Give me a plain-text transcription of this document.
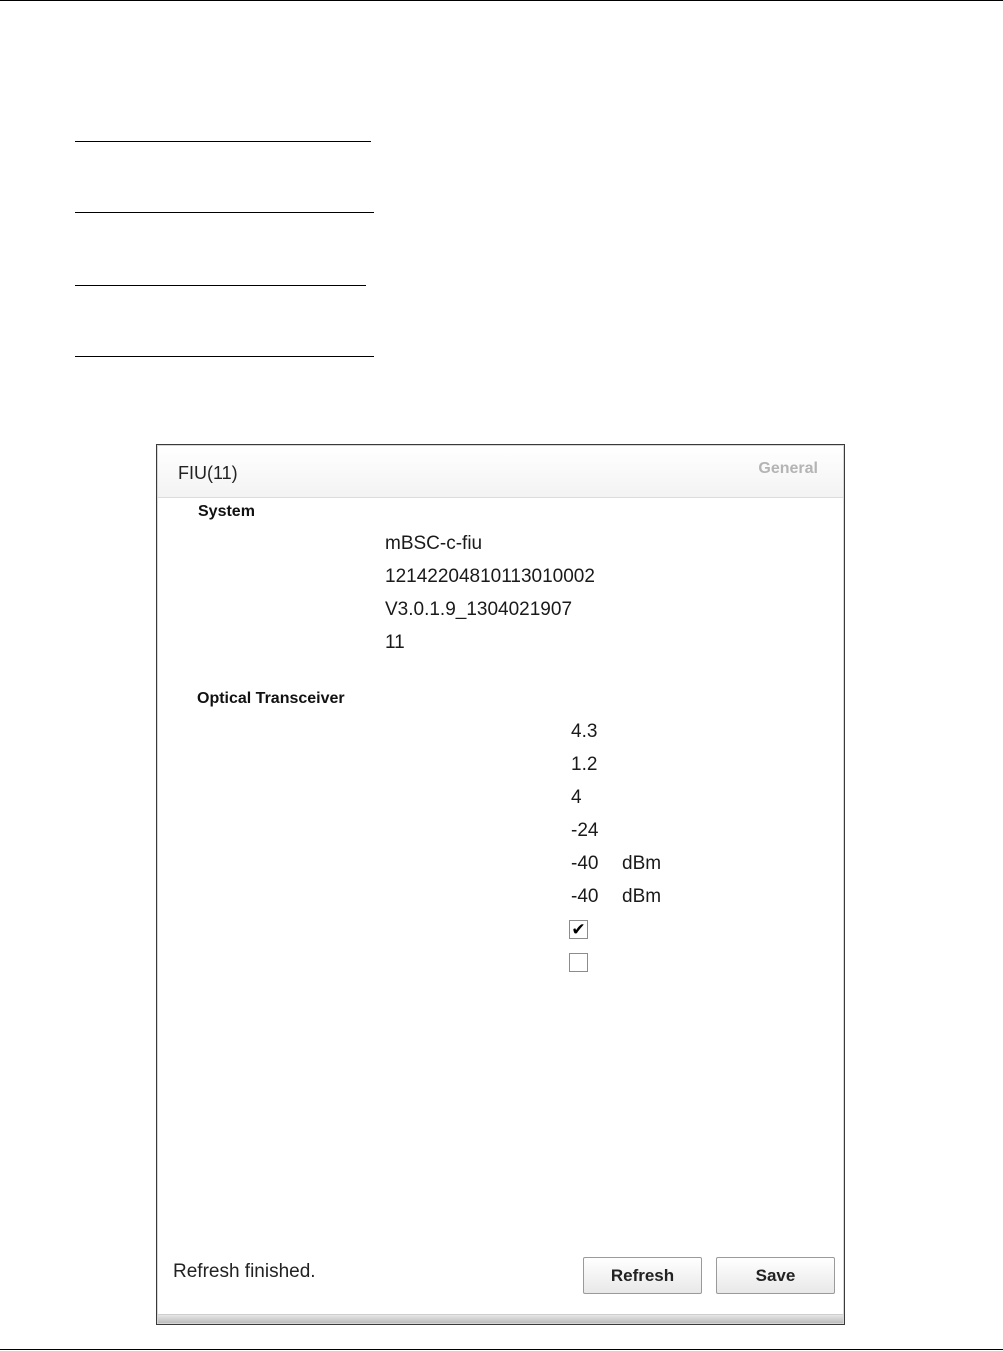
FIU(11)	General
System
mBSC-c-fiu
12142204810113010002
V3.0.1.9_1304021907
11
Optical Transceiver
4.3
1.2
4
-24
-40 dBm
-40 dBm
✔
Refresh finished.	Refresh	Save
